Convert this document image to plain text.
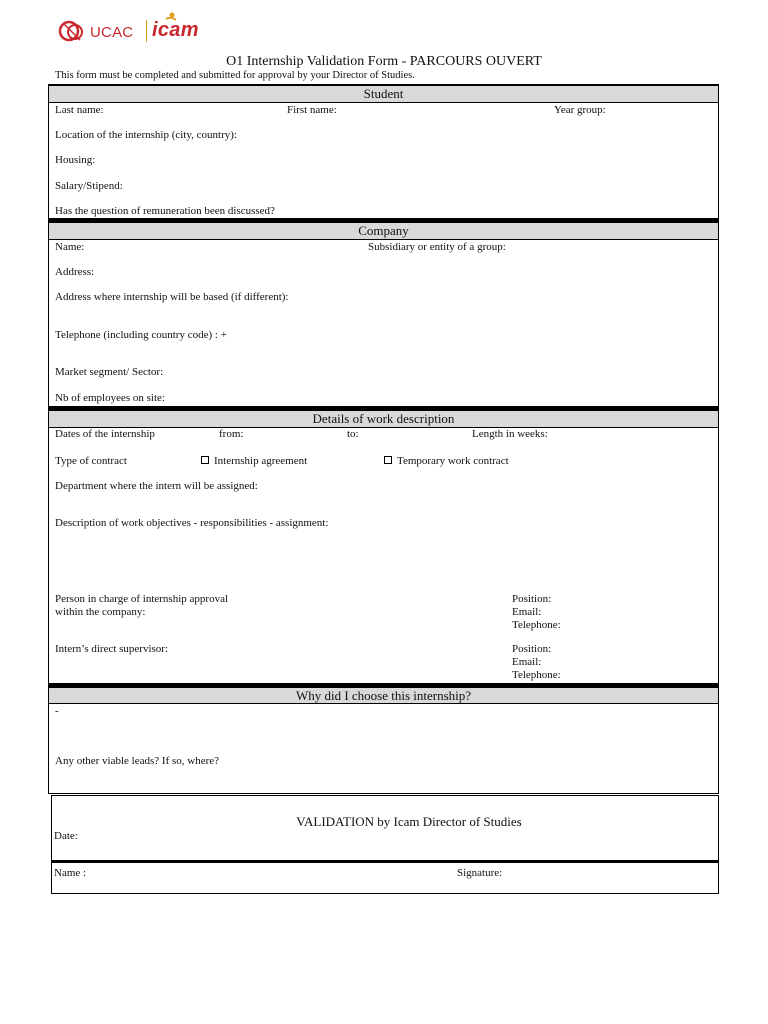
UCAC icam
O1 Internship Validation Form - PARCOURS OUVERT
This form must be completed and submitted for approval by your Director of Studies.
Student
Last name:	First name:	Year group:
Location of the internship (city, country):
Housing:
Salary/Stipend:
Has the question of remuneration been discussed?
Company
Name:	Subsidiary or entity of a group:
Address:
Address where internship will be based (if different):
Telephone (including country code) : +
Market segment/ Sector:
Nb of employees on site:
Details of work description
Dates of the internship	from:	to:	Length in weeks:
Type of contract	Internship agreement	Temporary work contract
Department where the intern will be assigned:
Description of work objectives - responsibilities - assignment:
Person in charge of internship approval
within the company:
Position:
Email:
Telephone:
Intern’s direct supervisor:	Position:
Email:
Telephone:
Why did I choose this internship?
-
Any other viable leads? If so, where?
VALIDATION by Icam Director of Studies
Date:
Name :	Signature:
